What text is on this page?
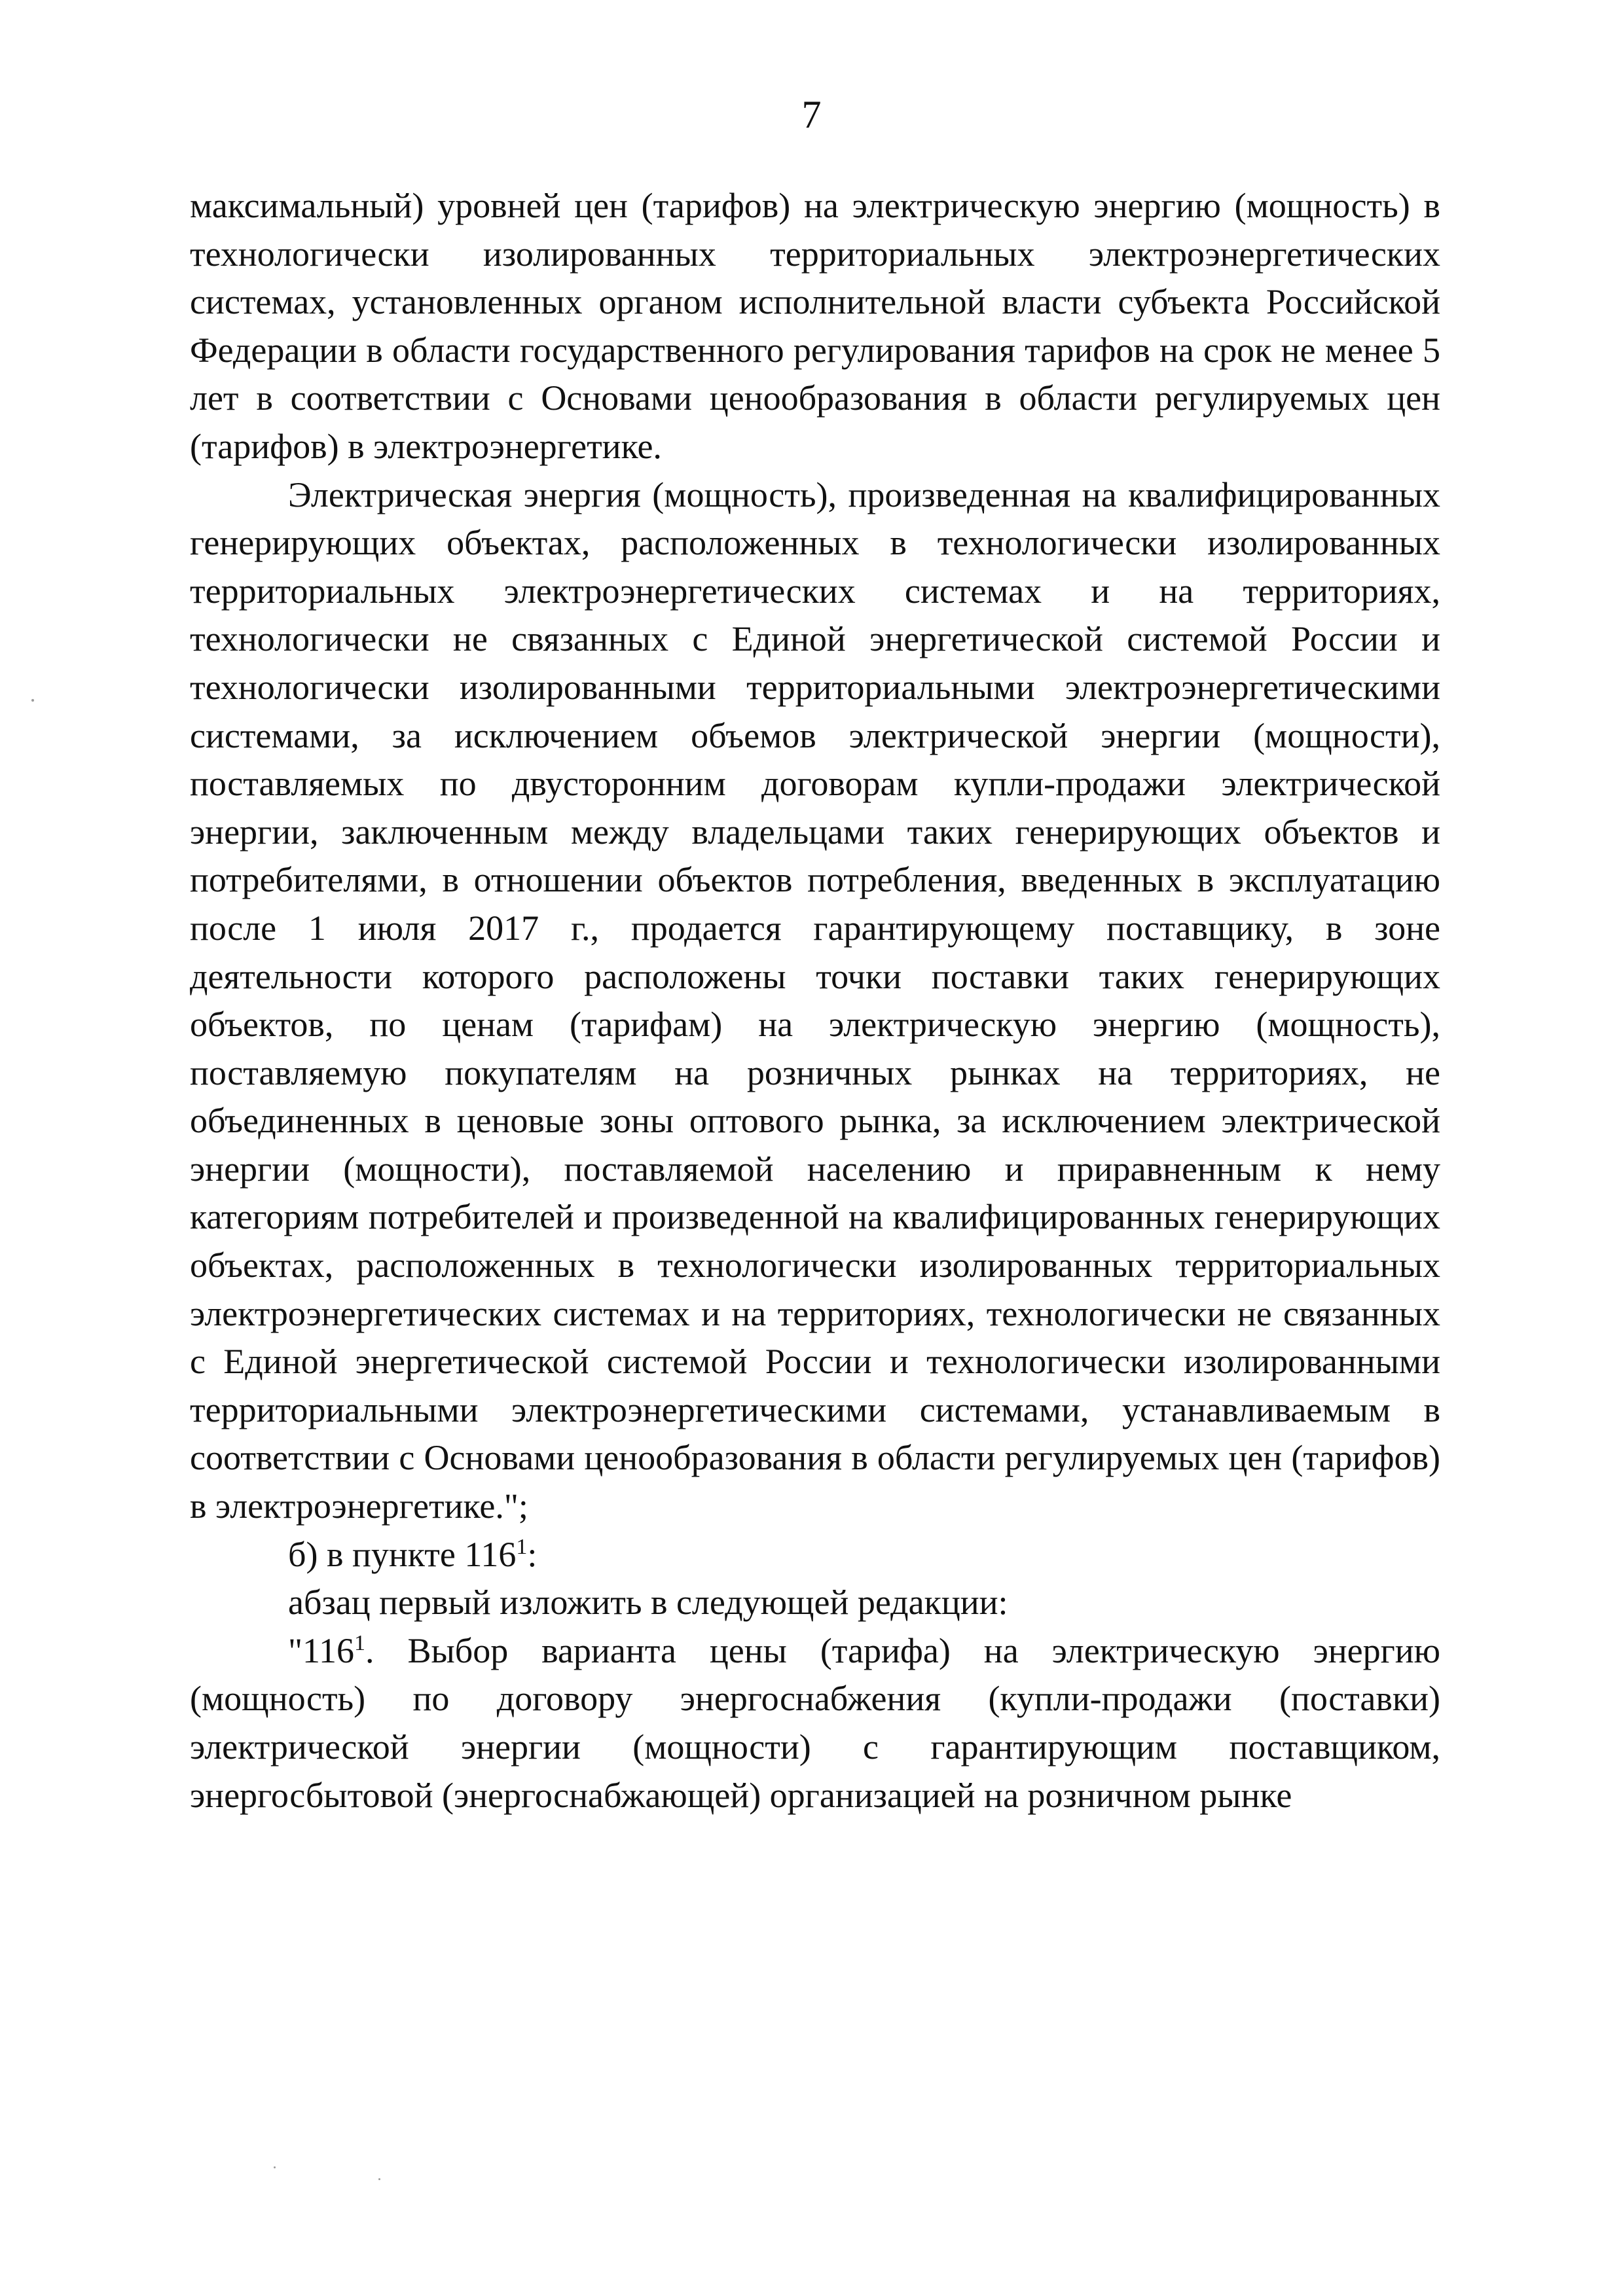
7

максимальный) уровней цен (тарифов) на электрическую энергию (мощность) в технологически изолированных территориальных электроэнергетических системах, установленных органом исполнительной власти субъекта Российской Федерации в области государственного регулирования тарифов на срок не менее 5 лет в соответствии с Основами ценообразования в области регулируемых цен (тарифов) в электроэнергетике.

Электрическая энергия (мощность), произведенная на квалифицированных генерирующих объектах, расположенных в технологически изолированных территориальных электроэнергетических системах и на территориях, технологически не связанных с Единой энергетической системой России и технологически изолированными территориальными электроэнергетическими системами, за исключением объемов электрической энергии (мощности), поставляемых по двусторонним договорам купли-продажи электрической энергии, заключенным между владельцами таких генерирующих объектов и потребителями, в отношении объектов потребления, введенных в эксплуатацию после 1 июля 2017 г., продается гарантирующему поставщику, в зоне деятельности которого расположены точки поставки таких генерирующих объектов, по ценам (тарифам) на электрическую энергию (мощность), поставляемую покупателям на розничных рынках на территориях, не объединенных в ценовые зоны оптового рынка, за исключением электрической энергии (мощности), поставляемой населению и приравненным к нему категориям потребителей и произведенной на квалифицированных генерирующих объектах, расположенных в технологически изолированных территориальных электроэнергетических системах и на территориях, технологически не связанных с Единой энергетической системой России и технологически изолированными территориальными электроэнергетическими системами, устанавливаемым в соответствии с Основами ценообразования в области регулируемых цен (тарифов) в электроэнергетике.";

б) в пункте $116^1$:

абзац первый изложить в следующей редакции:

"$116^1$. Выбор варианта цены (тарифа) на электрическую энергию (мощность) по договору энергоснабжения (купли-продажи (поставки) электрической энергии (мощности) с гарантирующим поставщиком, энергосбытовой (энергоснабжающей) организацией на розничном рынке
